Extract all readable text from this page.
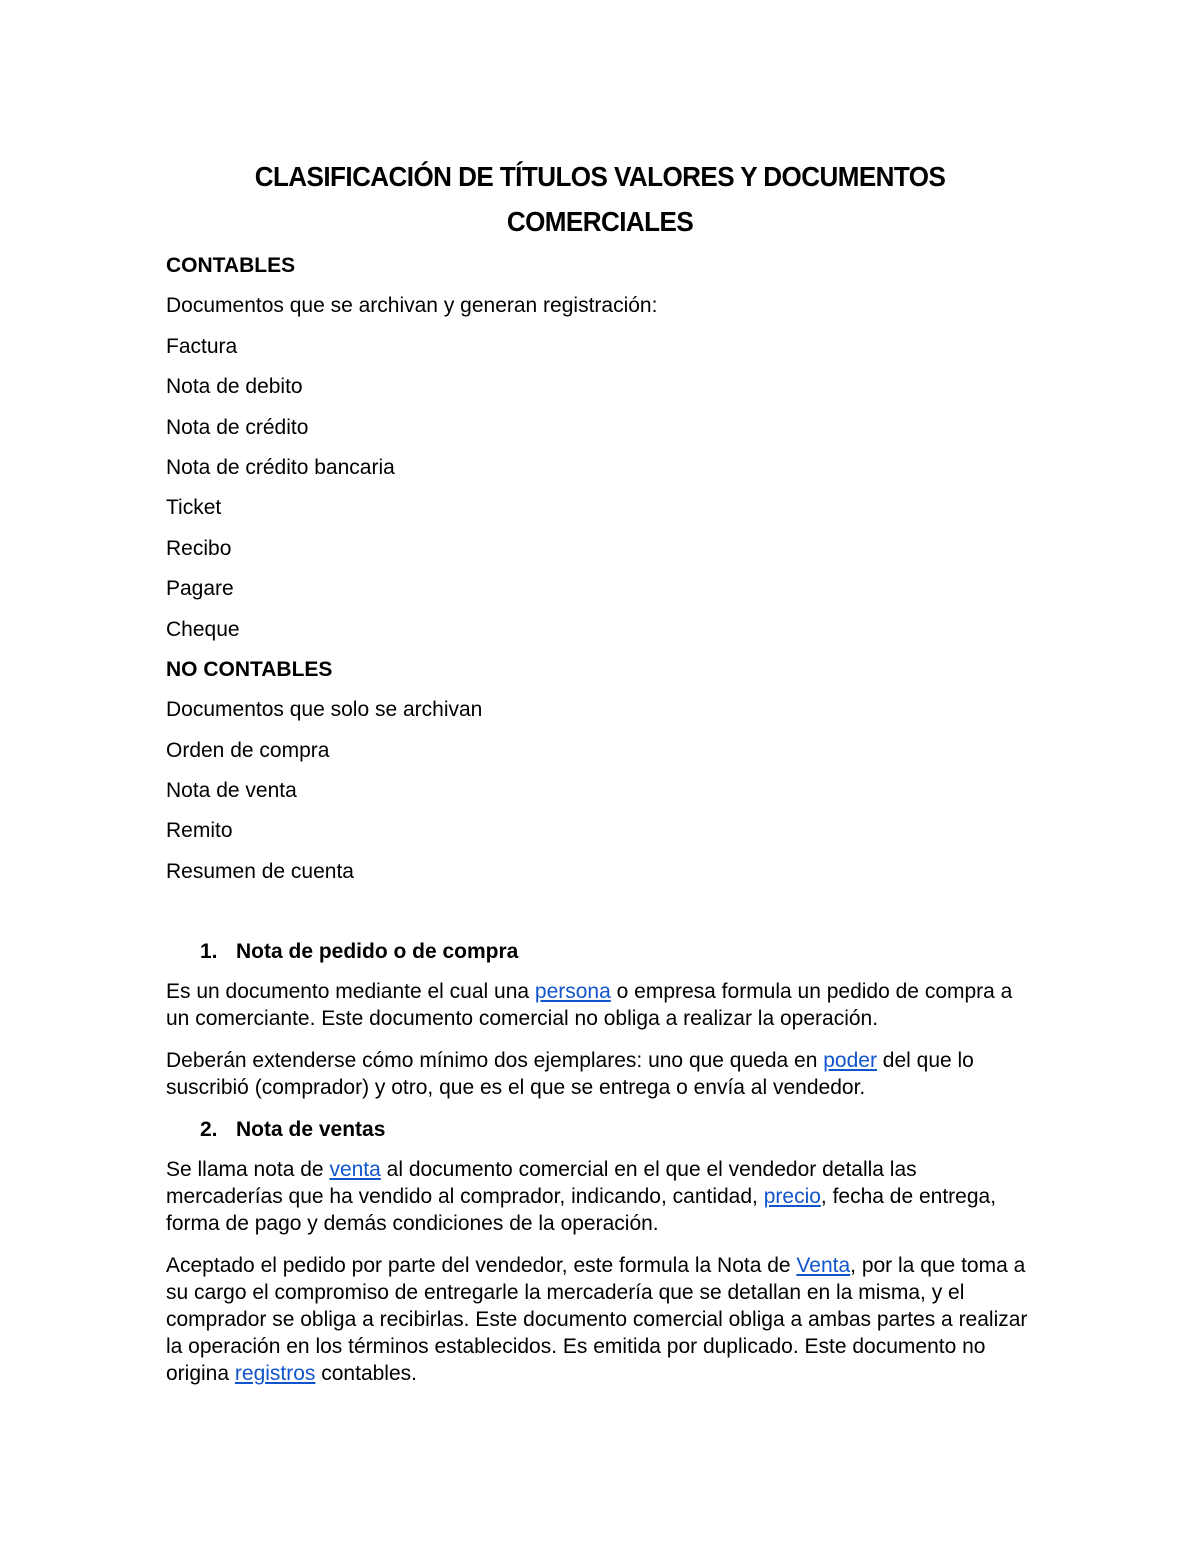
CLASIFICACIÓN DE TÍTULOS VALORES Y DOCUMENTOS
COMERCIALES
CONTABLES
Documentos que se archivan y generan registración:
Factura
Nota de debito
Nota de crédito
Nota de crédito bancaria
Ticket
Recibo
Pagare
Cheque
NO CONTABLES
Documentos que solo se archivan
Orden de compra
Nota de venta
Remito
Resumen de cuenta
1. Nota de pedido o de compra

Es un documento mediante el cual una persona o empresa formula un pedido de compra a un comerciante. Este documento comercial no obliga a realizar la operación.

Deberán extenderse cómo mínimo dos ejemplares: uno que queda en poder del que lo suscribió (comprador) y otro, que es el que se entrega o envía al vendedor.

2. Nota de ventas

Se llama nota de venta al documento comercial en el que el vendedor detalla las mercaderías que ha vendido al comprador, indicando, cantidad, precio, fecha de entrega, forma de pago y demás condiciones de la operación.

Aceptado el pedido por parte del vendedor, este formula la Nota de Venta, por la que toma a su cargo el compromiso de entregarle la mercadería que se detallan en la misma, y el comprador se obliga a recibirlas. Este documento comercial obliga a ambas partes a realizar la operación en los términos establecidos. Es emitida por duplicado. Este documento no origina registros contables.
